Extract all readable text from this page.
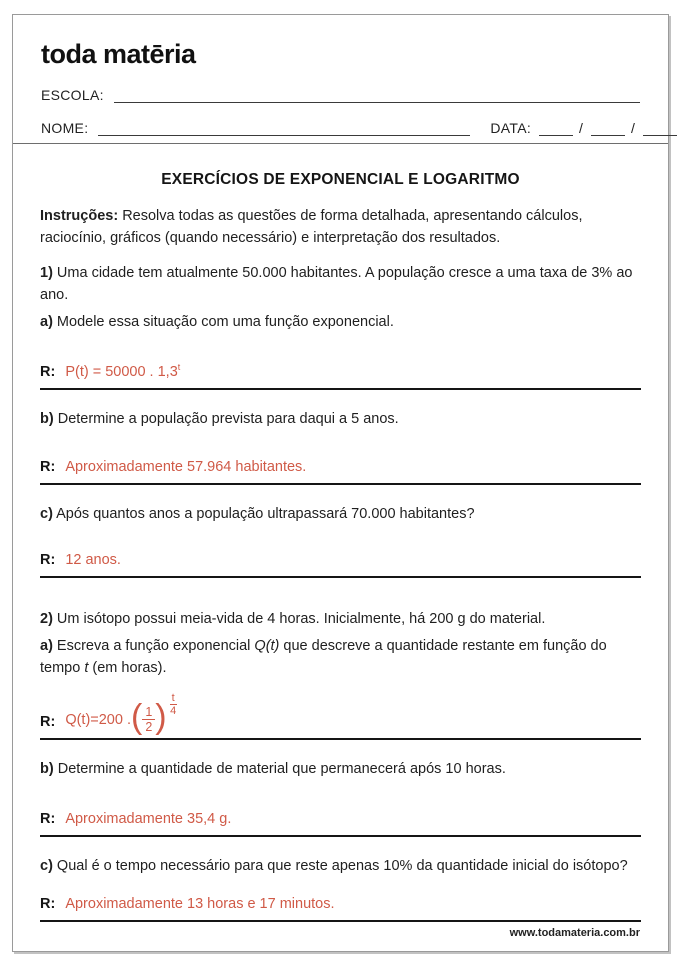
toda matēria
ESCOLA:
NOME:	DATA:	/	/
EXERCÍCIOS DE EXPONENCIAL E LOGARITMO

Instruções: Resolva todas as questões de forma detalhada, apresentando cálculos, raciocínio, gráficos (quando necessário) e interpretação dos resultados.

1) Uma cidade tem atualmente 50.000 habitantes. A população cresce a uma taxa de 3% ao ano.

a) Modele essa situação com uma função exponencial.

R: P(t) = 50000 . 1,3$^t$

b) Determine a população prevista para daqui a 5 anos.

R: Aproximadamente 57.964 habitantes.

c) Após quantos anos a população ultrapassará 70.000 habitantes?

R: 12 anos.

2) Um isótopo possui meia-vida de 4 horas. Inicialmente, há 200 g do material.

a) Escreva a função exponencial Q(t) que descreve a quantidade restante em função do tempo t (em horas).

R: Q(t)=200 . ( $\frac{1}{2}$ ) $\frac{t}{4}$

b) Determine a quantidade de material que permanecerá após 10 horas.

R: Aproximadamente 35,4 g.

c) Qual é o tempo necessário para que reste apenas 10% da quantidade inicial do isótopo?

R: Aproximadamente 13 horas e 17 minutos.
www.todamateria.com.br
